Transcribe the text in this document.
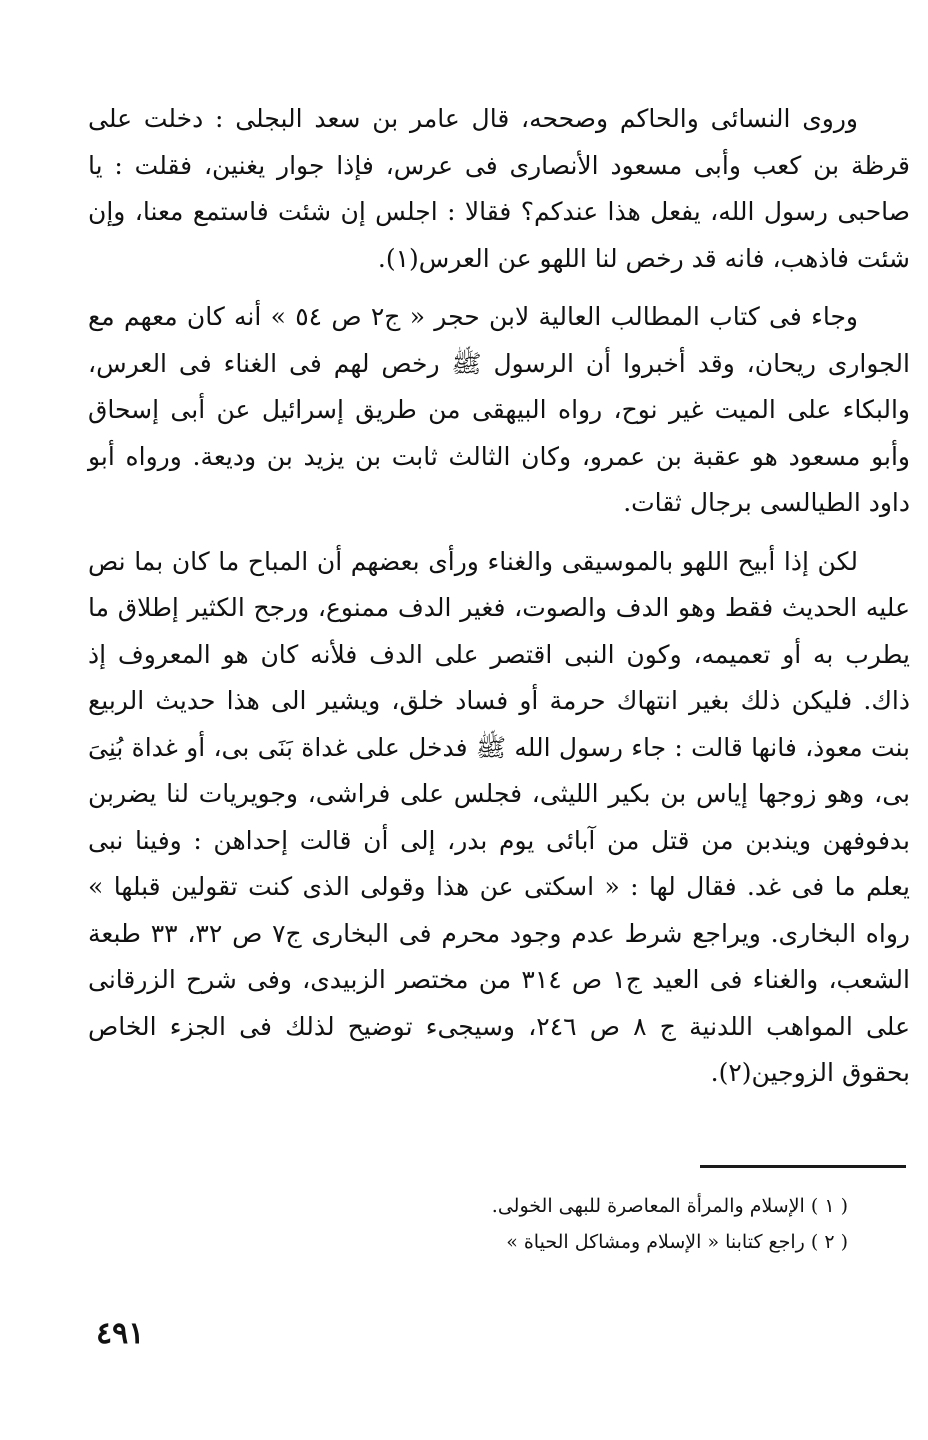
وروى النسائى والحاكم وصححه، قال عامر بن سعد البجلى : دخلت على قرظة بن كعب وأبى مسعود الأنصارى فى عرس، فإذا جوار يغنين، فقلت : يا صاحبى رسول الله، يفعل هذا عندكم؟ فقالا : اجلس إن شئت فاستمع معنا، وإن شئت فاذهب، فانه قد رخص لنا اللهو عن العرس(١).

وجاء فى كتاب المطالب العالية لابن حجر « ج٢ ص ٥٤ » أنه كان معهم مع الجوارى ريحان، وقد أخبروا أن الرسول ﷺ رخص لهم فى الغناء فى العرس، والبكاء على الميت غير نوح، رواه البيهقى من طريق إسرائيل عن أبى إسحاق وأبو مسعود هو عقبة بن عمرو، وكان الثالث ثابت بن يزيد بن وديعة. ورواه أبو داود الطيالسى برجال ثقات.

لكن إذا أبيح اللهو بالموسيقى والغناء ورأى بعضهم أن المباح ما كان بما نص عليه الحديث فقط وهو الدف والصوت، فغير الدف ممنوع، ورجح الكثير إطلاق ما يطرب به أو تعميمه، وكون النبى اقتصر على الدف فلأنه كان هو المعروف إذ ذاك. فليكن ذلك بغير انتهاك حرمة أو فساد خلق، ويشير الى هذا حديث الربيع بنت معوذ، فانها قالت : جاء رسول الله ﷺ فدخل على غداة بَنَى بى، أو غداة بُنِىَ بى، وهو زوجها إياس بن بكير الليثى، فجلس على فراشى، وجويريات لنا يضربن بدفوفهن ويندبن من قتل من آبائى يوم بدر، إلى أن قالت إحداهن : وفينا نبى يعلم ما فى غد. فقال لها : « اسكتى عن هذا وقولى الذى كنت تقولين قبلها » رواه البخارى. ويراجع شرط عدم وجود محرم فى البخارى ج٧ ص ٣٢، ٣٣ طبعة الشعب، والغناء فى العيد ج١ ص ٣١٤ من مختصر الزبيدى، وفى شرح الزرقانى على المواهب اللدنية ج ٨ ص ٢٤٦، وسيجىء توضيح لذلك فى الجزء الخاص بحقوق الزوجين(٢).

( ١ ) الإسلام والمرأة المعاصرة للبهى الخولى.

( ٢ ) راجع كتابنا « الإسلام ومشاكل الحياة »

٤٩١
